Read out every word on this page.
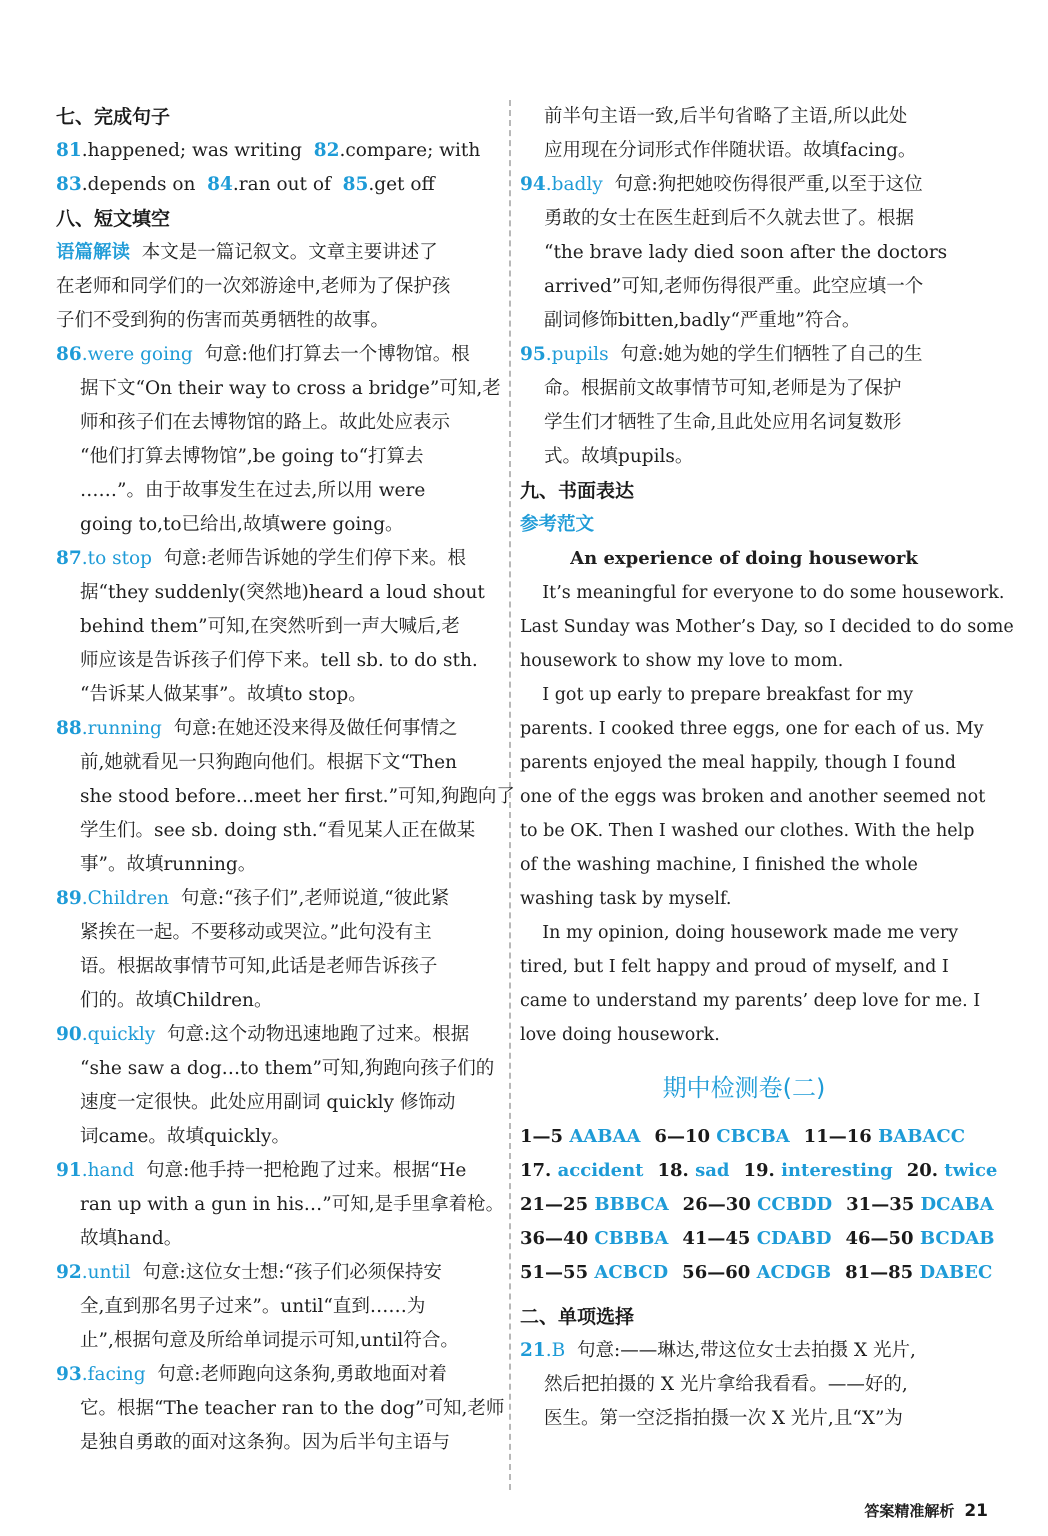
七、完成句子
81.happened; was writing  82.compare; with
83.depends on  84.ran out of  85.get off
八、短文填空
语篇解读  本文是一篇记叙文。文章主要讲述了
在老师和同学们的一次郊游途中,老师为了保护孩
子们不受到狗的伤害而英勇牺牲的故事。
86.were going  句意:他们打算去一个博物馆。根
据下文“On their way to cross a bridge”可知,老
师和孩子们在去博物馆的路上。故此处应表示
“他们打算去博物馆”,be going to“打算去
……”。由于故事发生在过去,所以用 were
going to,to已给出,故填were going。
87.to stop  句意:老师告诉她的学生们停下来。根
据“they suddenly(突然地)heard a loud shout
behind them”可知,在突然听到一声大喊后,老
师应该是告诉孩子们停下来。tell sb. to do sth.
“告诉某人做某事”。故填to stop。
88.running  句意:在她还没来得及做任何事情之
前,她就看见一只狗跑向他们。根据下文“Then
she stood before…meet her first.”可知,狗跑向了
学生们。see sb. doing sth.“看见某人正在做某
事”。故填running。
89.Children  句意:“孩子们”,老师说道,“彼此紧
紧挨在一起。不要移动或哭泣。”此句没有主
语。根据故事情节可知,此话是老师告诉孩子
们的。故填Children。
90.quickly  句意:这个动物迅速地跑了过来。根据
“she saw a dog…to them”可知,狗跑向孩子们的
速度一定很快。此处应用副词 quickly 修饰动
词came。故填quickly。
91.hand  句意:他手持一把枪跑了过来。根据“He
ran up with a gun in his…”可知,是手里拿着枪。
故填hand。
92.until  句意:这位女士想:“孩子们必须保持安
全,直到那名男子过来”。until“直到……为
止”,根据句意及所给单词提示可知,until符合。
93.facing  句意:老师跑向这条狗,勇敢地面对着
它。根据“The teacher ran to the dog”可知,老师
是独自勇敢的面对这条狗。因为后半句主语与
前半句主语一致,后半句省略了主语,所以此处
应用现在分词形式作伴随状语。故填facing。
94.badly  句意:狗把她咬伤得很严重,以至于这位
勇敢的女士在医生赶到后不久就去世了。根据
“the brave lady died soon after the doctors
arrived”可知,老师伤得很严重。此空应填一个
副词修饰bitten,badly“严重地”符合。
95.pupils  句意:她为她的学生们牺牲了自己的生
命。根据前文故事情节可知,老师是为了保护
学生们才牺牲了生命,且此处应用名词复数形
式。故填pupils。
九、书面表达
参考范文
An experience of doing housework
It’s meaningful for everyone to do some housework.
Last Sunday was Mother’s Day, so I decided to do some
housework to show my love to mom.
I got up early to prepare breakfast for my
parents. I cooked three eggs, one for each of us. My
parents enjoyed the meal happily, though I found
one of the eggs was broken and another seemed not
to be OK. Then I washed our clothes. With the help
of the washing machine, I finished the whole
washing task by myself.
In my opinion, doing housework made me very
tired, but I felt happy and proud of myself, and I
came to understand my parents’ deep love for me. I
love doing housework.
期中检测卷(二)
1—5 AABAA 6—10 CBCBA 11—16 BABACC
17. accident 18. sad 19. interesting 20. twice
21—25 BBBCA 26—30 CCBDD 31—35 DCABA
36—40 CBBBA 41—45 CDABD 46—50 BCDAB
51—55 ACBCD 56—60 ACDGB 81—85 DABEC
二、单项选择
21.B  句意:——琳达,带这位女士去拍摄 X 光片,
然后把拍摄的 X 光片拿给我看看。——好的,
医生。第一空泛指拍摄一次 X 光片,且“X”为
答案精准解析 21
